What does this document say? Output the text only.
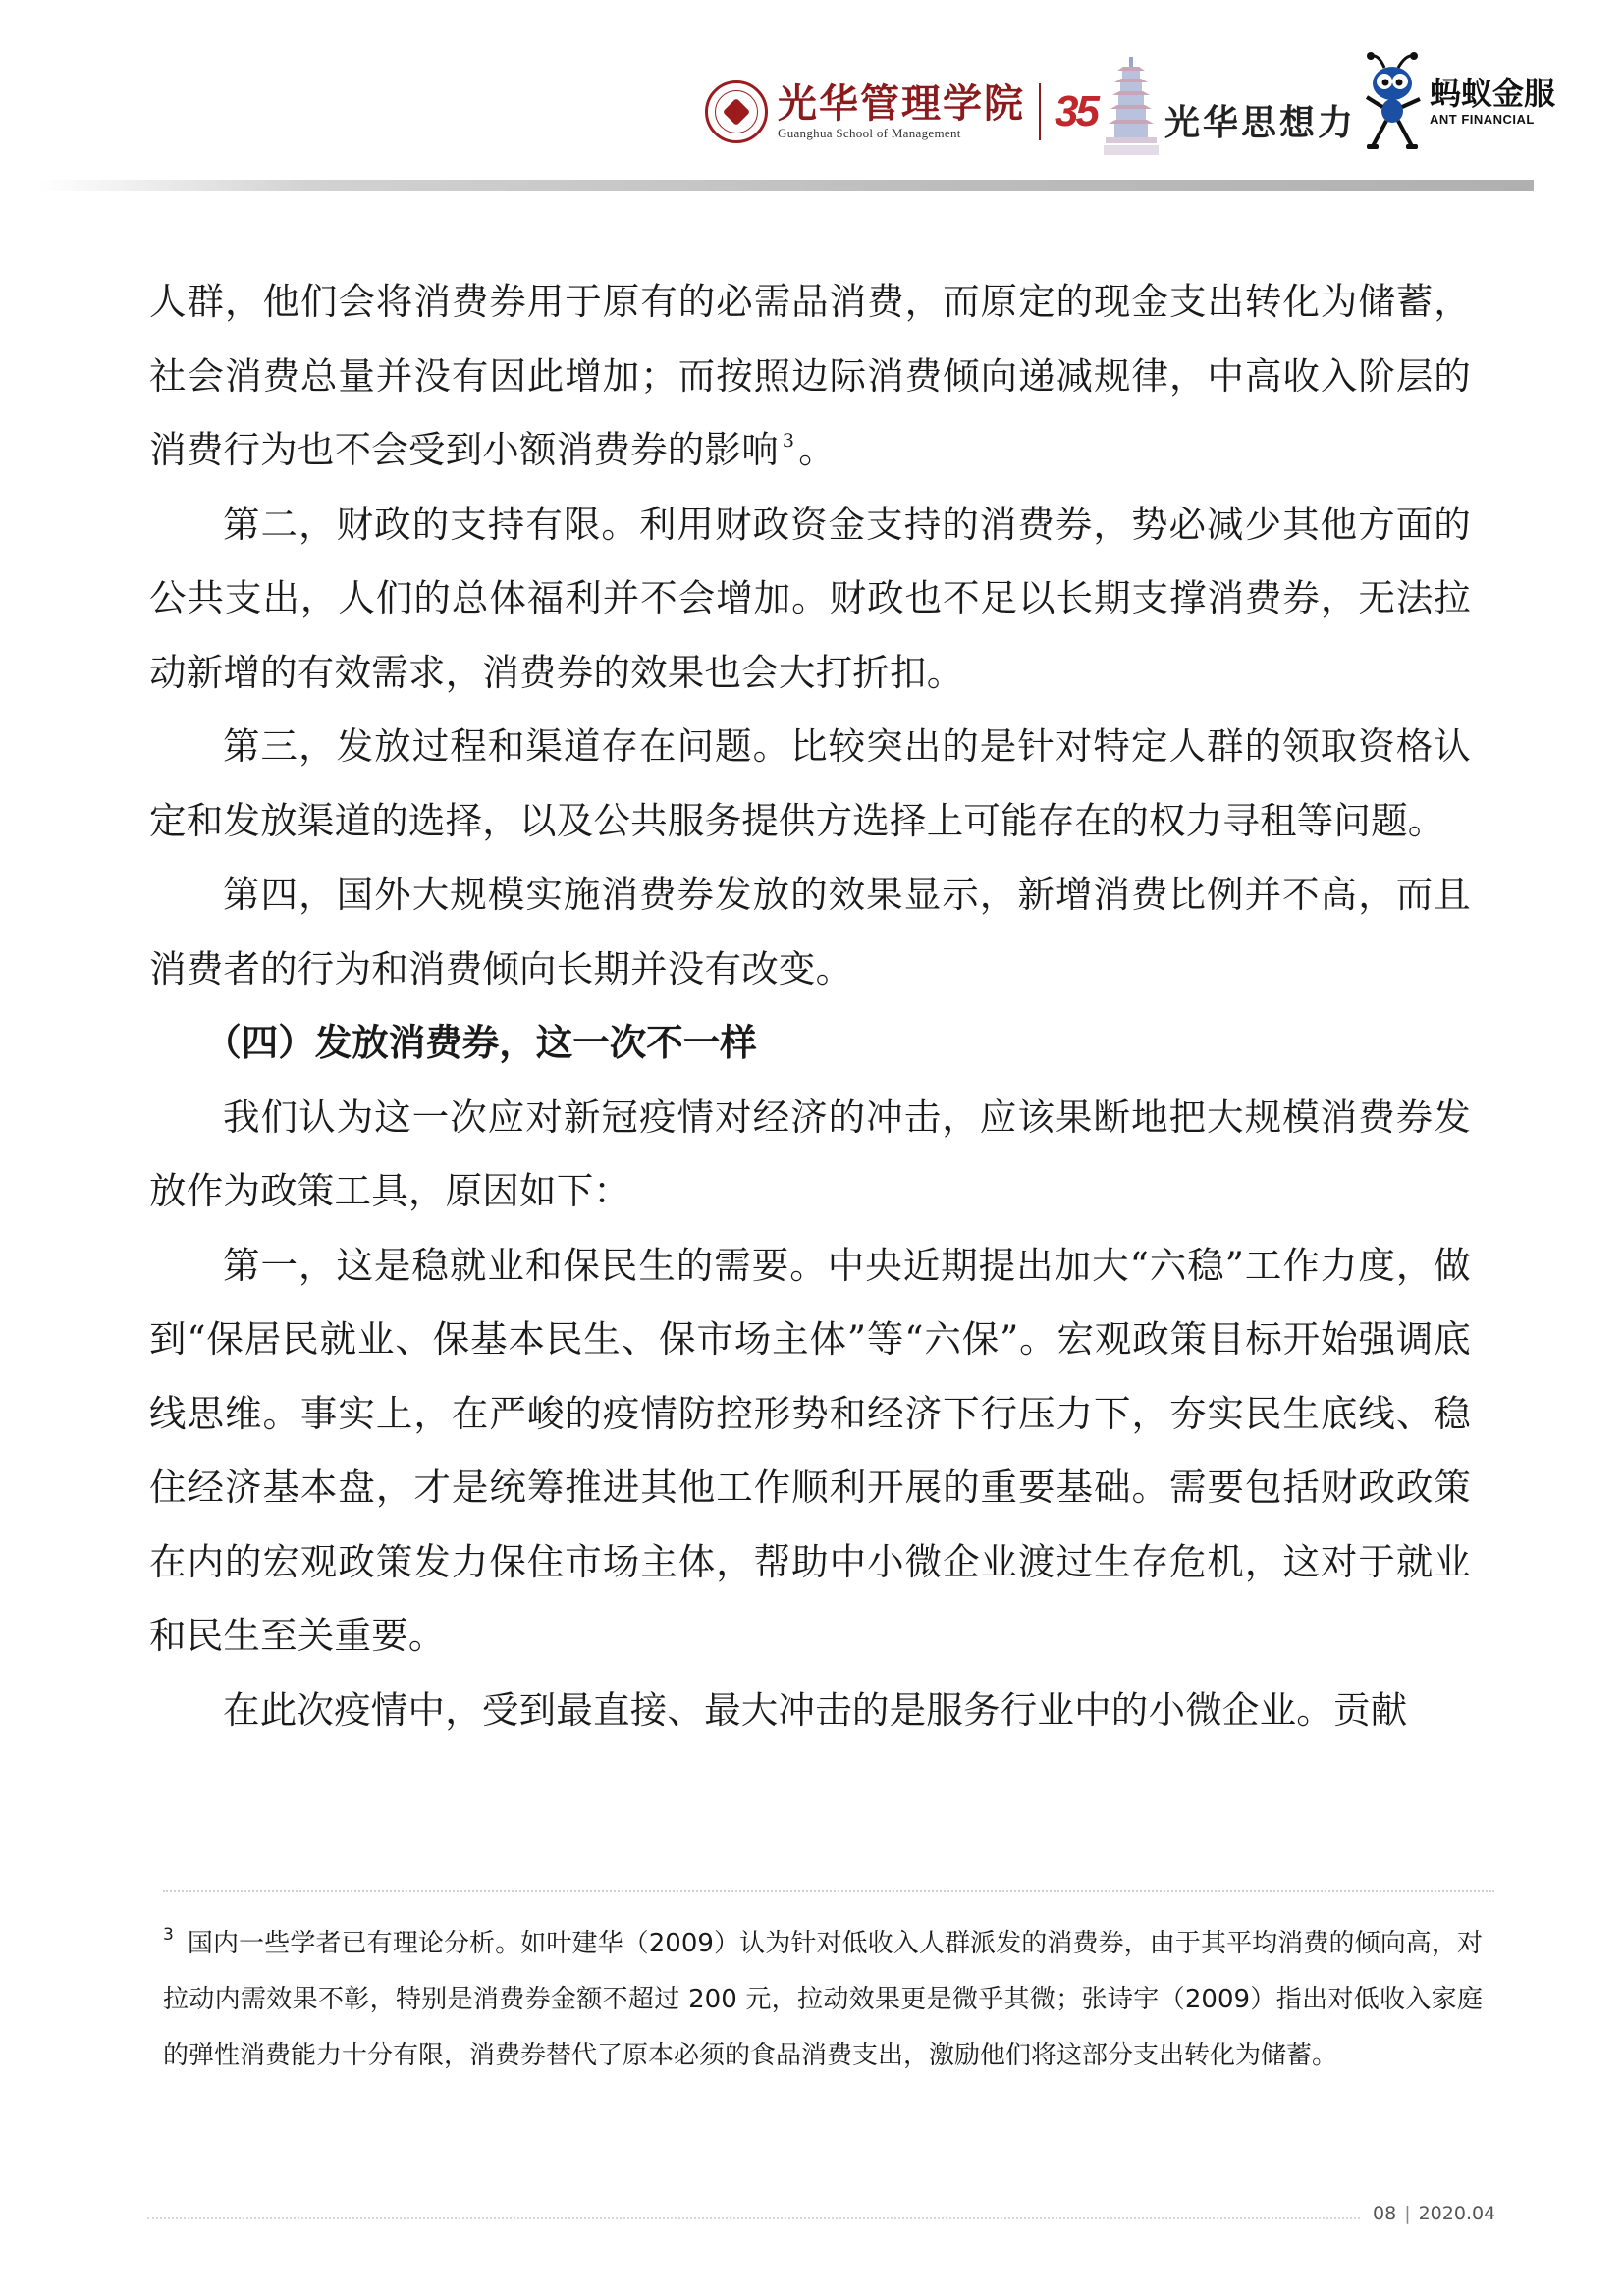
光华管理学院
Guanghua School of Management	35 光华思想力
蚂蚁金服
ANT FINANCIAL

人群，他们会将消费券用于原有的必需品消费，而原定的现金支出转化为储蓄，社会消费总量并没有因此增加；而按照边际消费倾向递减规律，中高收入阶层的消费行为也不会受到小额消费券的影响 $^3$ 。

第二，财政的支持有限。利用财政资金支持的消费券，势必减少其他方面的公共支出，人们的总体福利并不会增加。财政也不足以长期支撑消费券，无法拉动新增的有效需求，消费券的效果也会大打折扣。

第三，发放过程和渠道存在问题。比较突出的是针对特定人群的领取资格认定和发放渠道的选择，以及公共服务提供方选择上可能存在的权力寻租等问题。

第四，国外大规模实施消费券发放的效果显示，新增消费比例并不高，而且消费者的行为和消费倾向长期并没有改变。

（四）发放消费券，这一次不一样

我们认为这一次应对新冠疫情对经济的冲击，应该果断地把大规模消费券发放作为政策工具，原因如下：

第一，这是稳就业和保民生的需要。中央近期提出加大“六稳”工作力度，做到“保居民就业、保基本民生、保市场主体”等“六保”。宏观政策目标开始强调底线思维。事实上，在严峻的疫情防控形势和经济下行压力下，夯实民生底线、稳住经济基本盘，才是统筹推进其他工作顺利开展的重要基础。需要包括财政政策在内的宏观政策发力保住市场主体，帮助中小微企业渡过生存危机，这对于就业和民生至关重要。

在此次疫情中，受到最直接、最大冲击的是服务行业中的小微企业。贡献

$^3$ 国内一些学者已有理论分析。如叶建华（2009）认为针对低收入人群派发的消费券，由于其平均消费的倾向高，对拉动内需效果不彰，特别是消费券金额不超过 200 元，拉动效果更是微乎其微；张诗宇（2009）指出对低收入家庭的弹性消费能力十分有限，消费券替代了原本必须的食品消费支出，激励他们将这部分支出转化为储蓄。

08 | 2020.04
